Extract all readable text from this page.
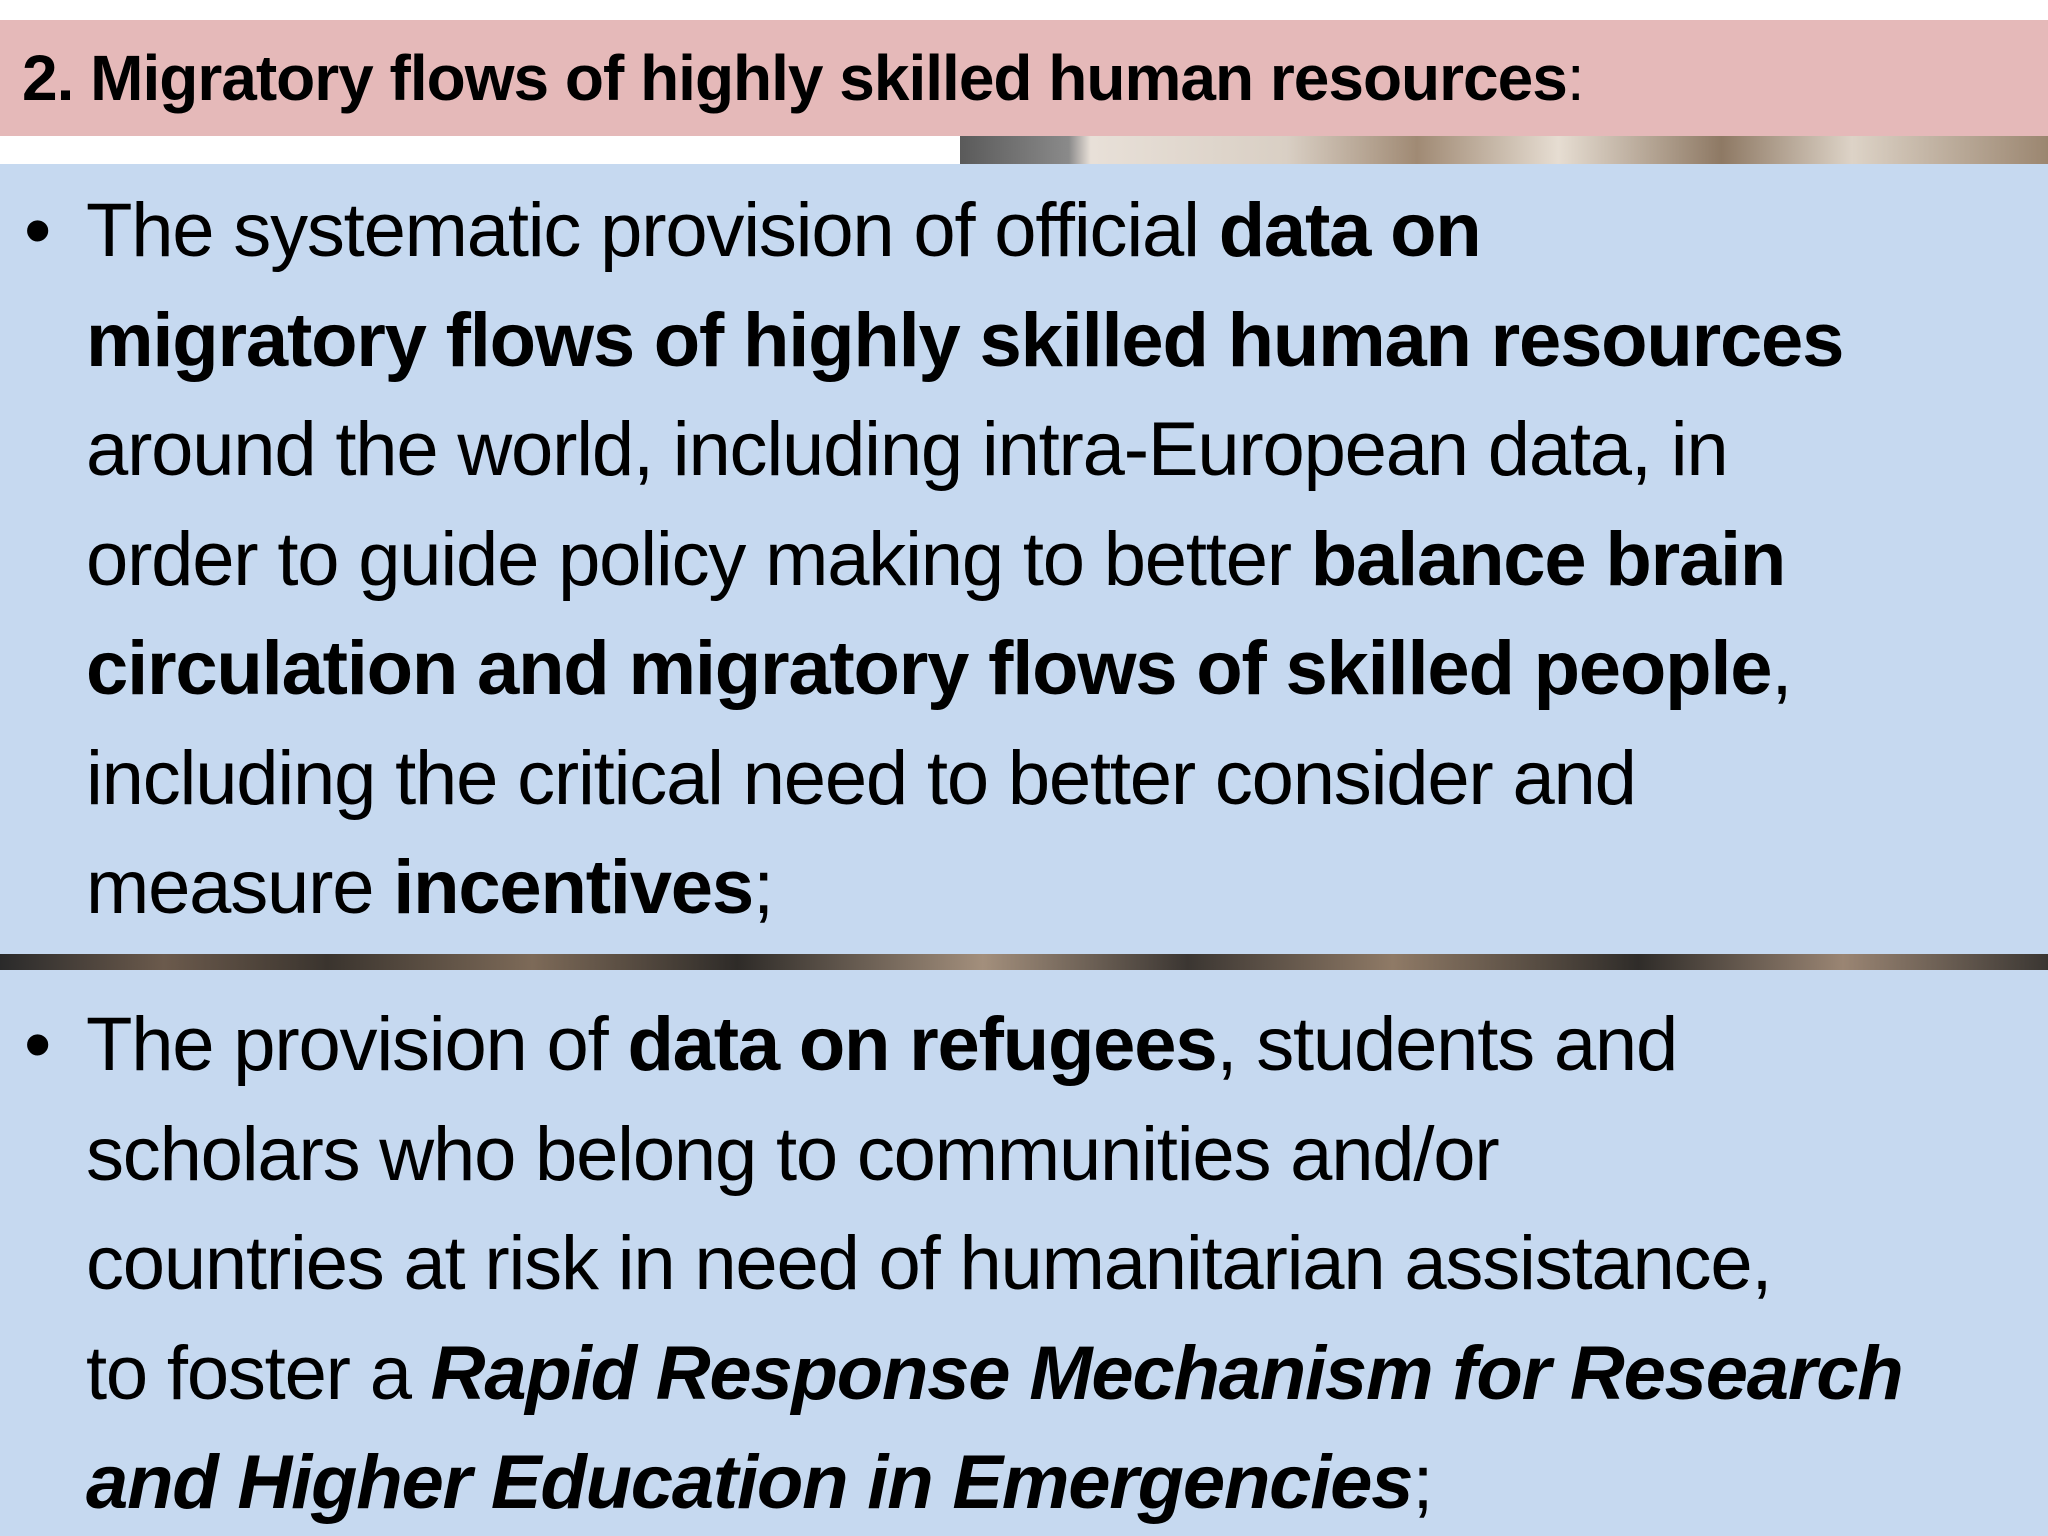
2. Migratory flows of highly skilled human resources:

The systematic provision of official data on
migratory flows of highly skilled human resources
around the world, including intra-European data, in
order to guide policy making to better balance brain
circulation and migratory flows of skilled people,
including the critical need to better consider and
measure incentives;

The provision of data on refugees, students and
scholars who belong to communities and/or
countries at risk in need of humanitarian assistance,
to foster a Rapid Response Mechanism for Research
and Higher Education in Emergencies;

•
•
